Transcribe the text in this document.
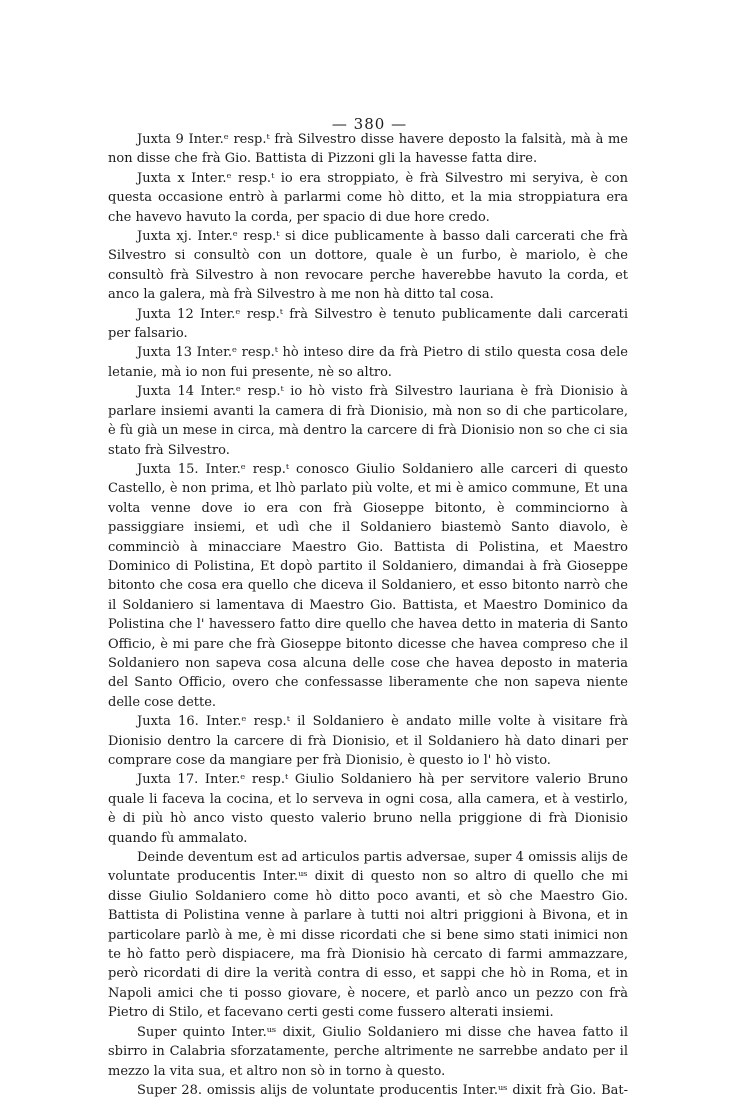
— 380 —

Juxta 9 Inter.ᵉ resp.ᵗ frà Silvestro disse havere deposto la falsità, mà à me non disse che frà Gio. Battista di Pizzoni gli la havesse fatta dire.

Juxta x Inter.ᵉ resp.ᵗ io era stroppiato, è frà Silvestro mi seryiva, è con questa occasione entrò à parlarmi come hò ditto, et la mia stroppiatura era che havevo havuto la corda, per spacio di due hore credo.

Juxta xj. Inter.ᵉ resp.ᵗ si dice publicamente à basso dali carcerati che frà Silvestro si consultò con un dottore, quale è un furbo, è mariolo, è che consultò frà Silvestro à non revocare perche haverebbe havuto la corda, et anco la galera, mà frà Silvestro à me non hà ditto tal cosa.

Juxta 12 Inter.ᵉ resp.ᵗ frà Silvestro è tenuto publicamente dali carcerati per falsario.

Juxta 13 Inter.ᵉ resp.ᵗ hò inteso dire da frà Pietro di stilo questa cosa dele letanie, mà io non fui presente, nè so altro.

Juxta 14 Inter.ᵉ resp.ᵗ io hò visto frà Silvestro lauriana è frà Dionisio à parlare insiemi avanti la camera di frà Dionisio, mà non so di che particolare, è fù già un mese in circa, mà dentro la carcere di frà Dionisio non so che ci sia stato frà Silvestro.

Juxta 15. Inter.ᵉ resp.ᵗ conosco Giulio Soldaniero alle carceri di questo Castello, è non prima, et lhò parlato più volte, et mi è amico commune, Et una volta venne dove io era con frà Gioseppe bitonto, è comminciorno à passiggiare insiemi, et udì che il Soldaniero biastemò Santo diavolo, è comminciò à minacciare Maestro Gio. Battista di Polistina, et Maestro Dominico di Polistina, Et dopò partito il Soldaniero, dimandai à frà Gioseppe bitonto che cosa era quello che diceva il Soldaniero, et esso bitonto narrò che il Soldaniero si lamentava di Maestro Gio. Battista, et Maestro Dominico da Polistina che l' havessero fatto dire quello che havea detto in materia di Santo Officio, è mi pare che frà Gioseppe bitonto dicesse che havea compreso che il Soldaniero non sapeva cosa alcuna delle cose che havea deposto in materia del Santo Officio, overo che confessasse liberamente che non sapeva niente delle cose dette.

Juxta 16. Inter.ᵉ resp.ᵗ il Soldaniero è andato mille volte à visitare frà Dionisio dentro la carcere di frà Dionisio, et il Soldaniero hà dato dinari per comprare cose da mangiare per frà Dionisio, è questo io l' hò visto.

Juxta 17. Inter.ᵉ resp.ᵗ Giulio Soldaniero hà per servitore valerio Bruno quale li faceva la cocina, et lo serveva in ogni cosa, alla camera, et à vestirlo, è di più hò anco visto questo valerio bruno nella priggione di frà Dionisio quando fù ammalato.

Deinde deventum est ad articulos partis adversae, super 4 omissis alijs de voluntate producentis Inter.ᵘˢ dixit di questo non so altro di quello che mi disse Giulio Soldaniero come hò ditto poco avanti, et sò che Maestro Gio. Battista di Polistina venne à parlare à tutti noi altri priggioni à Bivona, et in particolare parlò à me, è mi disse ricordati che si bene simo stati inimici non te hò fatto però dispiacere, ma frà Dionisio hà cercato di farmi ammazzare, però ricordati di dire la verità contra di esso, et sappi che hò in Roma, et in Napoli amici che ti posso giovare, è nocere, et parlò anco un pezzo con frà Pietro di Stilo, et facevano certi gesti come fussero alterati insiemi.

Super quinto Inter.ᵘˢ dixit, Giulio Soldaniero mi disse che havea fatto il sbirro in Calabria sforzatamente, perche altrimente ne sarrebbe andato per il mezzo la vita sua, et altro non sò in torno à questo.

Super 28. omissis alijs de voluntate producentis Inter.ᵘˢ dixit frà Gio. Bat-
